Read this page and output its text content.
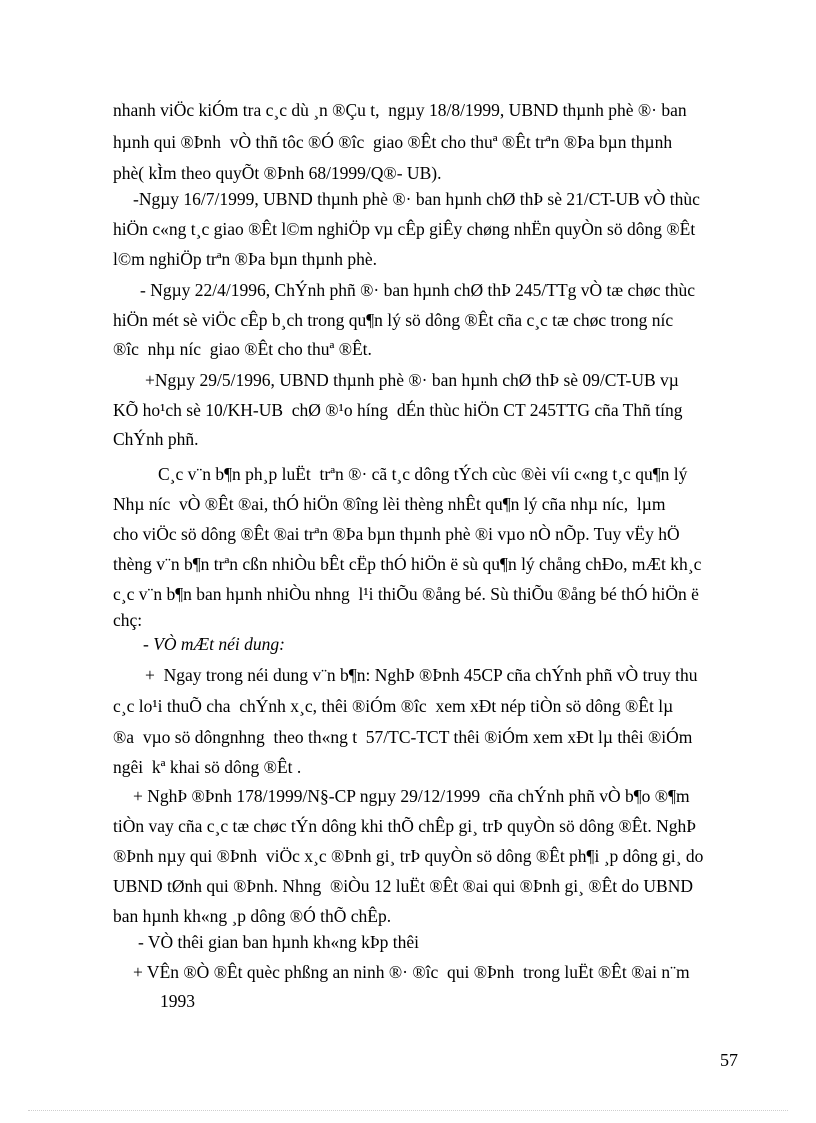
nhanh viÖc kiÓm tra c¸c dù ¸n ®Çu t,  ngµy 18/8/1999, UBND thµnh phè ®· ban
hµnh qui ®Þnh  vÒ thñ tôc ®Ó ®îc  giao ®Êt cho thuª ®Êt trªn ®Þa bµn thµnh
phè( kÌm theo quyÕt ®Þnh 68/1999/Q®- UB).
-Ngµy 16/7/1999, UBND thµnh phè ®· ban hµnh chØ thÞ sè 21/CT-UB vÒ thùc
hiÖn c«ng t¸c giao ®Êt l©m nghiÖp vµ cÊp giÊy chøng nhËn quyÒn sö dông ®Êt
l©m nghiÖp trªn ®Þa bµn thµnh phè.
- Ngµy 22/4/1996, ChÝnh phñ ®· ban hµnh chØ thÞ 245/TTg vÒ tæ chøc thùc
hiÖn mét sè viÖc cÊp b¸ch trong qu¶n lý sö dông ®Êt cña c¸c tæ chøc trong níc
®îc  nhµ níc  giao ®Êt cho thuª ®Êt.
+Ngµy 29/5/1996, UBND thµnh phè ®· ban hµnh chØ thÞ sè 09/CT-UB vµ
KÕ ho¹ch sè 10/KH-UB  chØ ®¹o híng  dÉn thùc hiÖn CT 245TTG cña Thñ tíng
ChÝnh phñ.
C¸c v¨n b¶n ph¸p luËt  trªn ®· cã t¸c dông tÝch cùc ®èi víi c«ng t¸c qu¶n lý
Nhµ níc  vÒ ®Êt ®ai, thÓ hiÖn ®îng lèi thèng nhÊt qu¶n lý cña nhµ níc,  lµm
cho viÖc sö dông ®Êt ®ai trªn ®Þa bµn thµnh phè ®i vµo nÒ nÕp. Tuy vËy hÖ
thèng v¨n b¶n trªn cßn nhiÒu bÊt cËp thÓ hiÖn ë sù qu¶n lý chång chÐo, mÆt kh¸c
c¸c v¨n b¶n ban hµnh nhiÒu nhng  l¹i thiÕu ®ång bé. Sù thiÕu ®ång bé thÓ hiÖn ë
chç:
- VÒ mÆt néi dung:
+  Ngay trong néi dung v¨n b¶n: NghÞ ®Þnh 45CP cña chÝnh phñ vÒ truy thu
c¸c lo¹i thuÕ cha  chÝnh x¸c, thêi ®iÓm ®îc  xem xÐt nép tiÒn sö dông ®Êt lµ
®a  vµo sö dôngnhng  theo th«ng t  57/TC-TCT thêi ®iÓm xem xÐt lµ thêi ®iÓm
ngêi  kª khai sö dông ®Êt .
+ NghÞ ®Þnh 178/1999/N§-CP ngµy 29/12/1999  cña chÝnh phñ vÒ b¶o ®¶m
tiÒn vay cña c¸c tæ chøc tÝn dông khi thÕ chÊp gi¸ trÞ quyÒn sö dông ®Êt. NghÞ
®Þnh nµy qui ®Þnh  viÖc x¸c ®Þnh gi¸ trÞ quyÒn sö dông ®Êt ph¶i ¸p dông gi¸ do
UBND tØnh qui ®Þnh. Nhng  ®iÒu 12 luËt ®Êt ®ai qui ®Þnh gi¸ ®Êt do UBND
ban hµnh kh«ng ¸p dông ®Ó thÕ chÊp.
- VÒ thêi gian ban hµnh kh«ng kÞp thêi
+ VÊn ®Ò ®Êt quèc phßng an ninh ®· ®îc  qui ®Þnh  trong luËt ®Êt ®ai n¨m
1993
57
